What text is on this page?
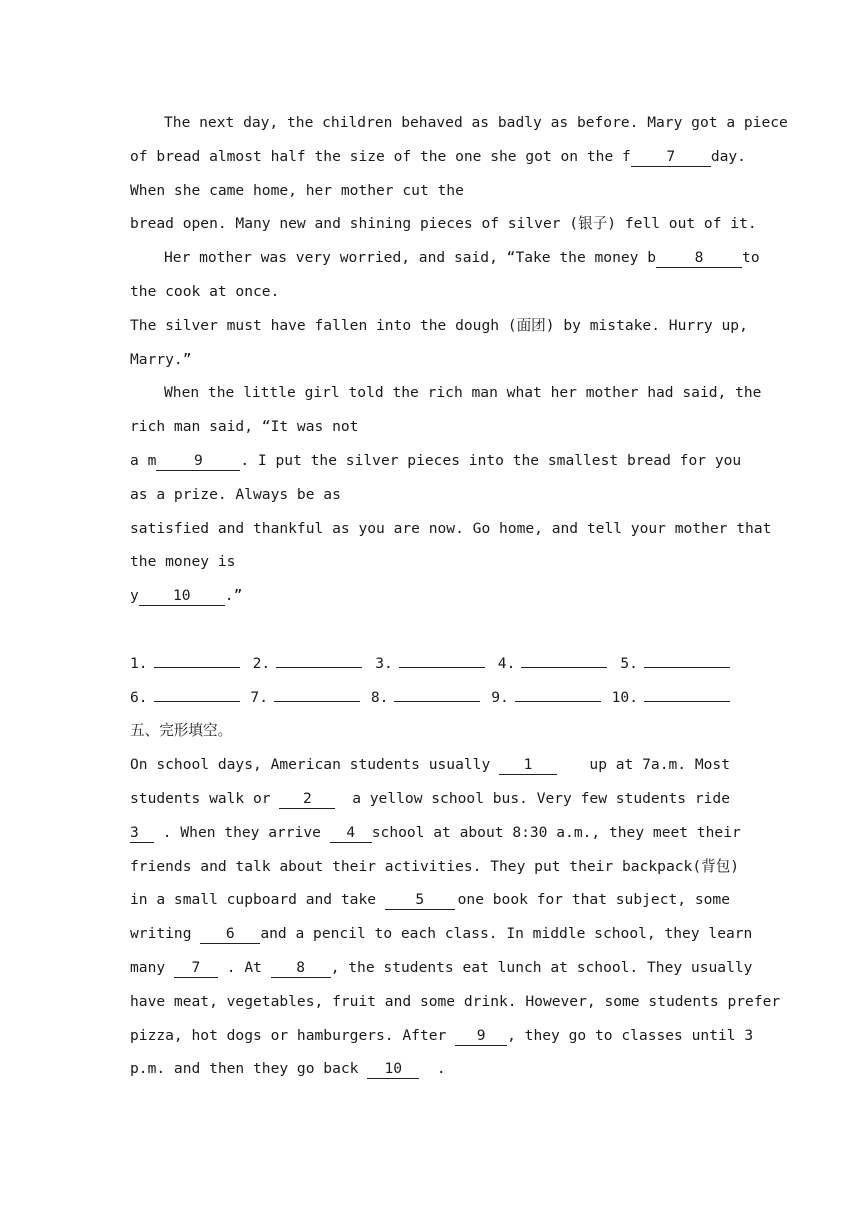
The next day, the children behaved as badly as before. Mary got a piece
of bread almost half the size of the one she got on the f 7	day.
When she came home, her mother cut the
bread open. Many new and shining pieces of silver (银子) fell out of it.
Her mother was very worried, and said, “Take the money b	8	to
the cook at once.
The silver must have fallen into the dough (面团) by mistake. Hurry up,
Marry.”
When the little girl told the rich man what her mother had said, the
rich man said, “It was not
a m	9	. I put the silver pieces into the smallest bread for you
as a prize. Always be as
satisfied and thankful as you are now. Go home, and tell your mother that
the money is
y 10 .”
1.	2.	3.	4.	5.
6.	7.	8.	9.	10.
五、完形填空。
On school days, American students usually 1	up at 7a.m. Most
students walk or 2	a yellow school bus. Very few students ride
3 . When they arrive 4	school at about 8:30 a.m., they meet their
friends and talk about their activities. They put their backpack(背包)
in a small cupboard and take	5	one book for that subject, some
writing 6	and a pencil to each class. In middle school, they learn
many 7 . At 8	, the students eat lunch at school. They usually
have meat, vegetables, fruit and some drink. However, some students prefer
pizza, hot dogs or hamburgers. After 9	, they go to classes until 3
p.m. and then they go back 10 .
